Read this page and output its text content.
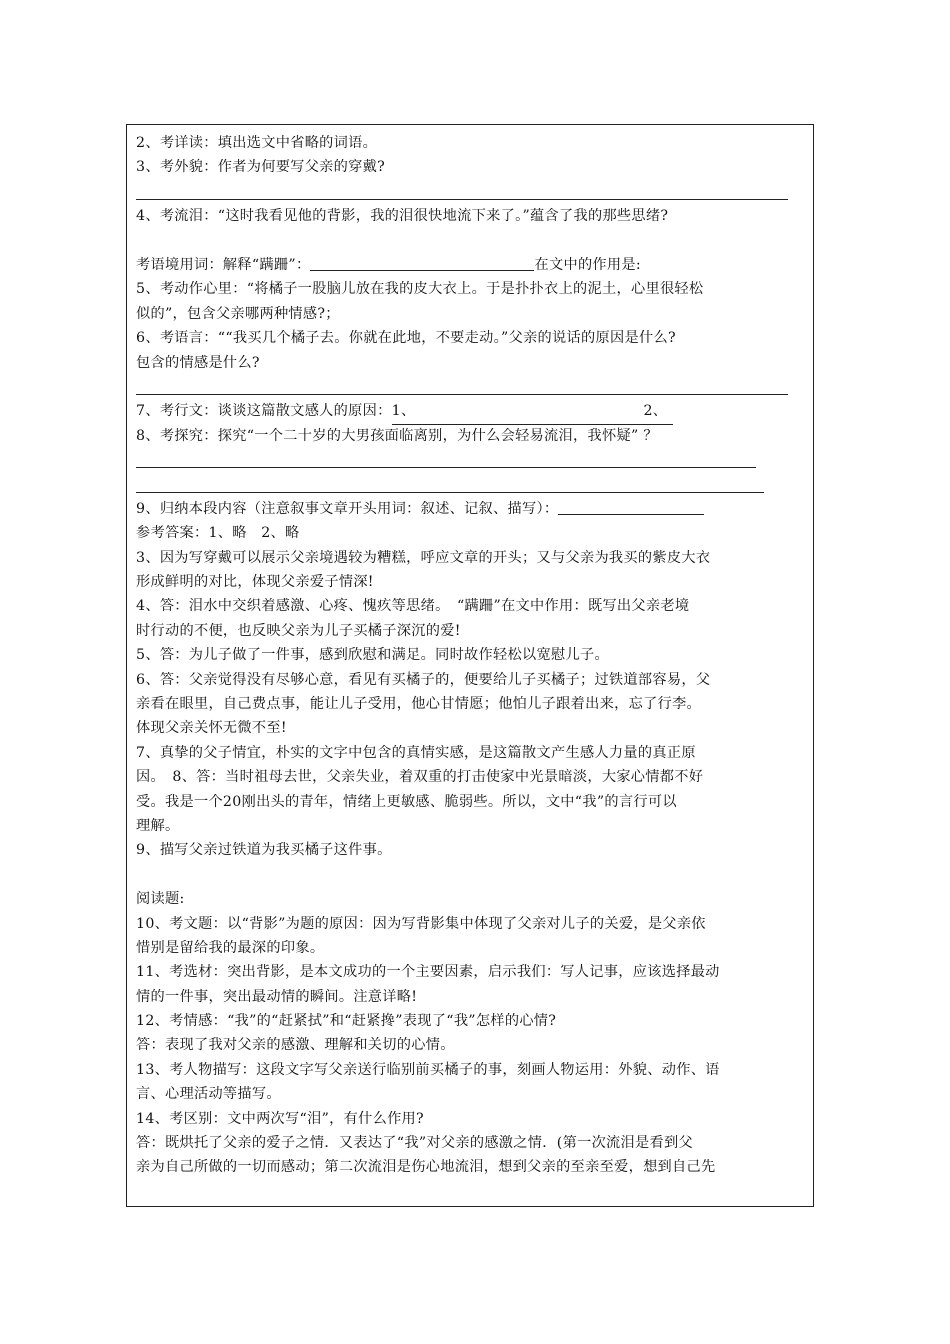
2、考详读：填出选文中省略的词语。
3、考外貌：作者为何要写父亲的穿戴?
4、考流泪：“这时我看见他的背影，我的泪很快地流下来了。”蕴含了我的那些思绪?
考语境用词：解释“蹒跚”：	在文中的作用是:
5、考动作心里：“将橘子一股脑儿放在我的皮大衣上。于是扑扑衣上的泥土，心里很轻松
似的”，包含父亲哪两种情感?；
6、考语言：““我买几个橘子去。你就在此地，不要走动。”父亲的说话的原因是什么?
包含的情感是什么?
7、考行文：谈谈这篇散文感人的原因：1、	2、
8、考探究：探究“一个二十岁的大男孩面临离别，为什么会轻易流泪，我怀疑” ？
9、归纳本段内容（注意叙事文章开头用词：叙述、记叙、描写）：
参考答案：1、略　2、略
3、因为写穿戴可以展示父亲境遇较为糟糕，呼应文章的开头；又与父亲为我买的紫皮大衣
形成鲜明的对比，体现父亲爱子情深!
4、答：泪水中交织着感激、心疼、愧疚等思绪。　“蹒跚”在文中作用：既写出父亲老境
时行动的不便，也反映父亲为儿子买橘子深沉的爱!
5、答：为儿子做了一件事，感到欣慰和满足。同时故作轻松以宽慰儿子。
6、答：父亲觉得没有尽够心意，看见有买橘子的，便要给儿子买橘子；过铁道部容易，父
亲看在眼里，自己费点事，能让儿子受用，他心甘情愿；他怕儿子跟着出来，忘了行李。
体现父亲关怀无微不至!
7、真挚的父子情宜，朴实的文字中包含的真情实感，是这篇散文产生感人力量的真正原
因。　8、答：当时祖母去世，父亲失业，着双重的打击使家中光景暗淡，大家心情都不好
受。我是一个20刚出头的青年，情绪上更敏感、脆弱些。所以，文中“我”的言行可以
理解。
9、描写父亲过铁道为我买橘子这件事。
阅读题:
10、考文题：以“背影”为题的原因：因为写背影集中体现了父亲对儿子的关爱，是父亲依
惜别是留给我的最深的印象。
11、考选材：突出背影，是本文成功的一个主要因素，启示我们：写人记事，应该选择最动
情的一件事，突出最动情的瞬间。注意详略!
12、考情感：“我”的“赶紧拭”和“赶紧搀”表现了“我”怎样的心情?
答：表现了我对父亲的感激、理解和关切的心情。
13、考人物描写：这段文字写父亲送行临别前买橘子的事，刻画人物运用：外貌、动作、语
言、心理活动等描写。
14、考区别：文中两次写“泪”，有什么作用?
答：既烘托了父亲的爱子之情．又表达了“我”对父亲的感激之情．(第一次流泪是看到父
亲为自己所做的一切而感动；第二次流泪是伤心地流泪，想到父亲的至亲至爱，想到自己先
